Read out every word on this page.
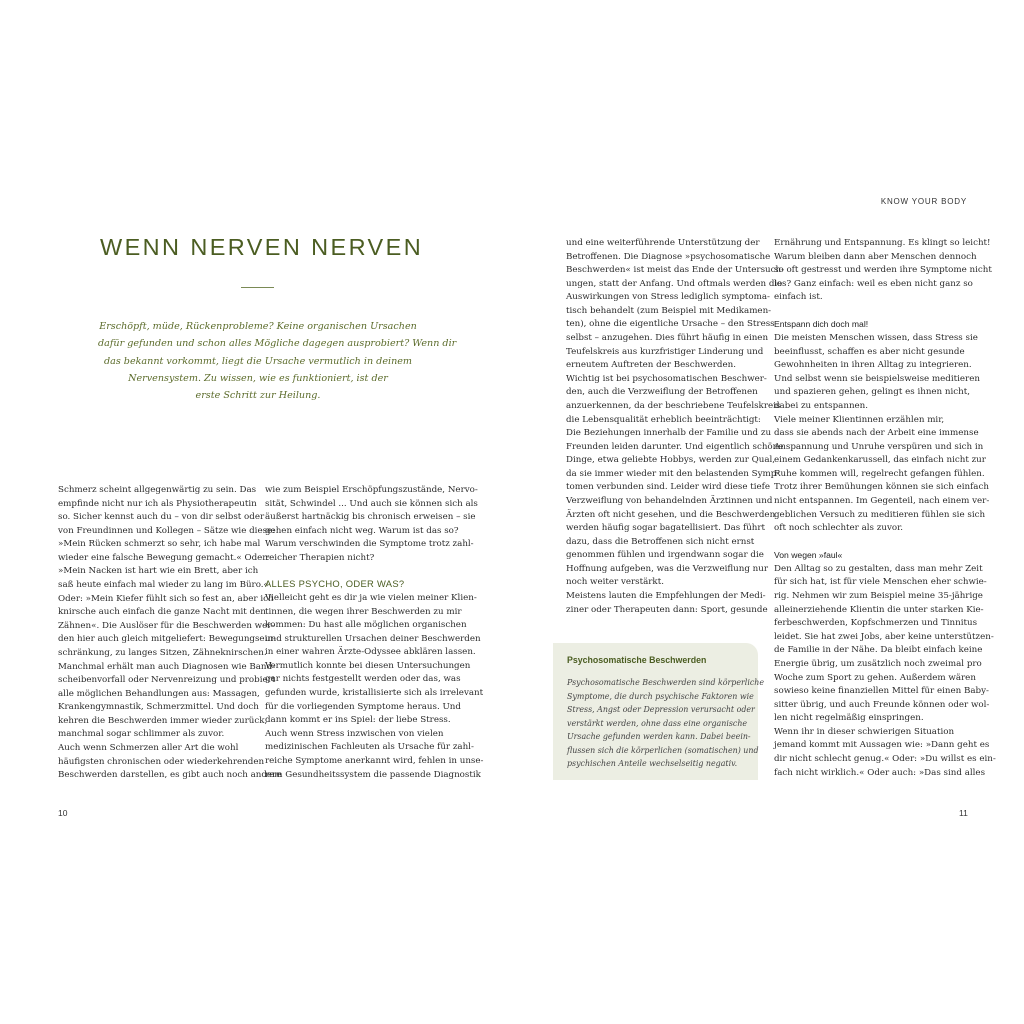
KNOW YOUR BODY
WENN NERVEN NERVEN
Erschöpft, müde, Rückenprobleme? Keine organischen Ursachen
dafür gefunden und schon alles Mögliche dagegen ausprobiert? Wenn dir
das bekannt vorkommt, liegt die Ursache vermutlich in deinem
Nervensystem. Zu wissen, wie es funktioniert, ist der
erste Schritt zur Heilung.
Schmerz scheint allgegenwärtig zu sein. Das
empfinde nicht nur ich als Physiotherapeutin
so. Sicher kennst auch du – von dir selbst oder
von Freundinnen und Kollegen – Sätze wie diese:
»Mein Rücken schmerzt so sehr, ich habe mal
wieder eine falsche Bewegung gemacht.« Oder:
»Mein Nacken ist hart wie ein Brett, aber ich
saß heute einfach mal wieder zu lang im Büro.«
Oder: »Mein Kiefer fühlt sich so fest an, aber ich
knirsche auch einfach die ganze Nacht mit den
Zähnen«. Die Auslöser für die Beschwerden wer-
den hier auch gleich mitgeliefert: Bewegungsein-
schränkung, zu langes Sitzen, Zähneknirschen.
Manchmal erhält man auch Diagnosen wie Band-
scheibenvorfall oder Nervenreizung und probiert
alle möglichen Behandlungen aus: Massagen,
Krankengymnastik, Schmerzmittel. Und doch
kehren die Beschwerden immer wieder zurück,
manchmal sogar schlimmer als zuvor.
Auch wenn Schmerzen aller Art die wohl
häufigsten chronischen oder wiederkehrenden
Beschwerden darstellen, es gibt auch noch andere
wie zum Beispiel Erschöpfungszustände, Nervo-
sität, Schwindel ... Und auch sie können sich als
äußerst hartnäckig bis chronisch erweisen – sie
gehen einfach nicht weg. Warum ist das so?
Warum verschwinden die Symptome trotz zahl-
reicher Therapien nicht?

ALLES PSYCHO, ODER WAS?
Vielleicht geht es dir ja wie vielen meiner Klien-
tinnen, die wegen ihrer Beschwerden zu mir
kommen: Du hast alle möglichen organischen
und strukturellen Ursachen deiner Beschwerden
in einer wahren Ärzte-Odyssee abklären lassen.
Vermutlich konnte bei diesen Untersuchungen
gar nichts festgestellt werden oder das, was
gefunden wurde, kristallisierte sich als irrelevant
für die vorliegenden Symptome heraus. Und
dann kommt er ins Spiel: der liebe Stress.
Auch wenn Stress inzwischen von vielen
medizinischen Fachleuten als Ursache für zahl-
reiche Symptome anerkannt wird, fehlen in unse-
rem Gesundheitssystem die passende Diagnostik
und eine weiterführende Unterstützung der
Betroffenen. Die Diagnose »psychosomatische
Beschwerden« ist meist das Ende der Untersuch-
ungen, statt der Anfang. Und oftmals werden die
Auswirkungen von Stress lediglich symptoma-
tisch behandelt (zum Beispiel mit Medikamen-
ten), ohne die eigentliche Ursache – den Stress
selbst – anzugehen. Dies führt häufig in einen
Teufelskreis aus kurzfristiger Linderung und
erneutem Auftreten der Beschwerden.
Wichtig ist bei psychosomatischen Beschwer-
den, auch die Verzweiflung der Betroffenen
anzuerkennen, da der beschriebene Teufelskreis
die Lebensqualität erheblich beeinträchtigt:
Die Beziehungen innerhalb der Familie und zu
Freunden leiden darunter. Und eigentlich schöne
Dinge, etwa geliebte Hobbys, werden zur Qual,
da sie immer wieder mit den belastenden Symp-
tomen verbunden sind. Leider wird diese tiefe
Verzweiflung von behandelnden Ärztinnen und
Ärzten oft nicht gesehen, und die Beschwerden
werden häufig sogar bagatellisiert. Das führt
dazu, dass die Betroffenen sich nicht ernst
genommen fühlen und irgendwann sogar die
Hoffnung aufgeben, was die Verzweiflung nur
noch weiter verstärkt.
Meistens lauten die Empfehlungen der Medi-
ziner oder Therapeuten dann: Sport, gesunde
Psychosomatische Beschwerden
Psychosomatische Beschwerden sind körperliche
Symptome, die durch psychische Faktoren wie
Stress, Angst oder Depression verursacht oder
verstärkt werden, ohne dass eine organische
Ursache gefunden werden kann. Dabei beein-
flussen sich die körperlichen (somatischen) und
psychischen Anteile wechselseitig negativ.
Ernährung und Entspannung. Es klingt so leicht!
Warum bleiben dann aber Menschen dennoch
so oft gestresst und werden ihre Symptome nicht
los? Ganz einfach: weil es eben nicht ganz so
einfach ist.

Entspann dich doch mal!
Die meisten Menschen wissen, dass Stress sie
beeinflusst, schaffen es aber nicht gesunde
Gewohnheiten in ihren Alltag zu integrieren.
Und selbst wenn sie beispielsweise meditieren
und spazieren gehen, gelingt es ihnen nicht,
dabei zu entspannen.
Viele meiner Klientinnen erzählen mir,
dass sie abends nach der Arbeit eine immense
Anspannung und Unruhe verspüren und sich in
einem Gedankenkarussell, das einfach nicht zur
Ruhe kommen will, regelrecht gefangen fühlen.
Trotz ihrer Bemühungen können sie sich einfach
nicht entspannen. Im Gegenteil, nach einem ver-
geblichen Versuch zu meditieren fühlen sie sich
oft noch schlechter als zuvor.

Von wegen »faul«
Den Alltag so zu gestalten, dass man mehr Zeit
für sich hat, ist für viele Menschen eher schwie-
rig. Nehmen wir zum Beispiel meine 35-jährige
alleinerziehende Klientin die unter starken Kie-
ferbeschwerden, Kopfschmerzen und Tinnitus
leidet. Sie hat zwei Jobs, aber keine unterstützen-
de Familie in der Nähe. Da bleibt einfach keine
Energie übrig, um zusätzlich noch zweimal pro
Woche zum Sport zu gehen. Außerdem wären
sowieso keine finanziellen Mittel für einen Baby-
sitter übrig, und auch Freunde können oder wol-
len nicht regelmäßig einspringen.
Wenn ihr in dieser schwierigen Situation
jemand kommt mit Aussagen wie: »Dann geht es
dir nicht schlecht genug.« Oder: »Du willst es ein-
fach nicht wirklich.« Oder auch: »Das sind alles
10	11
